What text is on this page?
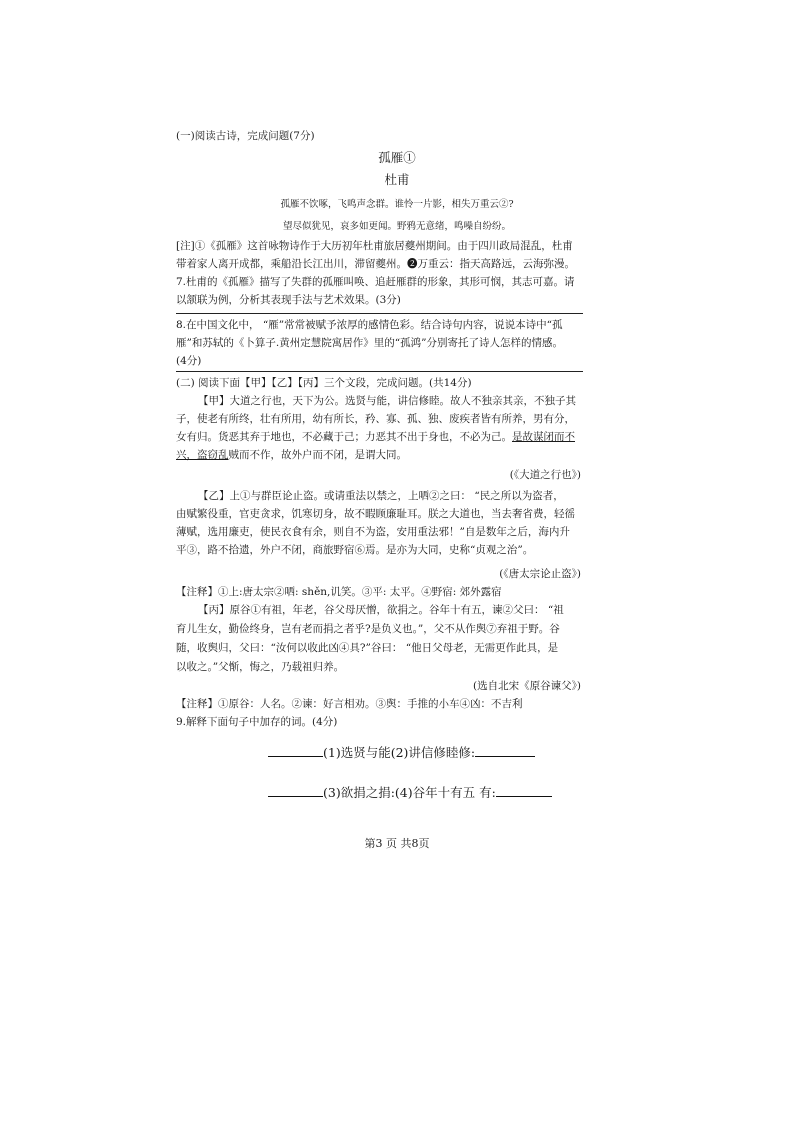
(一)阅读古诗，完成问题(7分)
孤雁①
杜甫
孤雁不饮啄，飞鸣声念群。谁怜一片影，相失万重云②?
望尽似犹见，哀多如更闻。野鸦无意绪，鸣噪自纷纷。
[注]①《孤雁》这首咏物诗作于大历初年杜甫旅居夔州期间。由于四川政局混乱，杜甫
带着家人离开成都，乘船沿长江出川，滞留夔州。❷万重云：指天高路远，云海弥漫。
7.杜甫的《孤雁》描写了失群的孤雁叫唤、追赶雁群的形象，其形可悯，其志可嘉。请
以颔联为例，分析其表现手法与艺术效果。(3分)
8.在中国文化中， “雁”常常被赋予浓厚的感情色彩。结合诗句内容，说说本诗中“孤
雁”和苏轼的《卜算子.黄州定慧院寓居作》里的“孤鸿”分别寄托了诗人怎样的情感。
(4分)
(二) 阅读下面【甲】【乙】【丙】三个文段，完成问题。(共14分)
【甲】大道之行也，天下为公。选贤与能，讲信修睦。故人不独亲其亲，不独子其
子，使老有所终，壮有所用，幼有所长，矜、寡、孤、独、废疾者皆有所养，男有分，
女有归。货恶其弃于地也，不必藏于己；力恶其不出于身也，不必为己。是故谋闭而不
兴，盗窃乱贼而不作，故外户而不闭，是谓大同。
(《大道之行也》)
【乙】上①与群臣论止盗。或请重法以禁之，上哂②之曰： “民之所以为盗者，
由赋繁役重，官吏贪求，饥寒切身，故不暇顾廉耻耳。朕之大道也，当去奢省费，轻徭
薄赋，选用廉吏，使民衣食有余，则自不为盗，安用重法邪！”自是数年之后，海内升
平③，路不拾遗，外户不闭，商旅野宿⑥焉。是亦为大同，史称“贞观之治”。
(《唐太宗论止盗》)
【注释】①上:唐太宗②哂: shěn,讥笑。③平: 太平。④野宿: 郊外露宿
【丙】原谷①有祖，年老，谷父母厌憎，欲捐之。谷年十有五，谏②父曰： “祖
育儿生女，勤俭终身，岂有老而捐之者乎?是负义也。”，父不从作舆⑦弃祖于野。谷
随，收舆归，父曰：“汝何以收此凶④具?”谷曰： “他日父母老，无需更作此具，是
以收之。”父惭，悔之，乃载祖归养。
(选自北宋《原谷谏父》)
【注释】①原谷：人名。②谏：好言相劝。③舆：手推的小车④凶：不吉利
9.解释下面句子中加存的词。(4分)
(1)选贤与能(2)讲信修睦修:
(3)欲捐之捐:(4)谷年十有五 有:
第3 页 共8页
